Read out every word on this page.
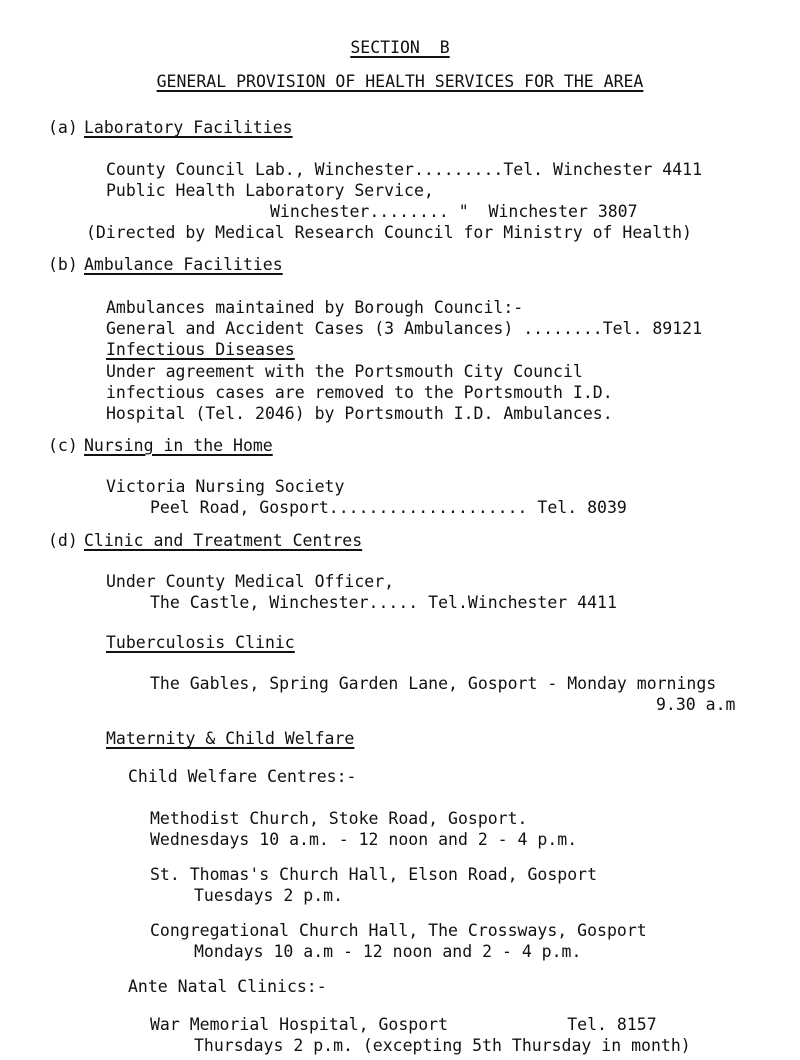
SECTION  B
GENERAL PROVISION OF HEALTH SERVICES FOR THE AREA
(a) Laboratory Facilities
County Council Lab., Winchester.........Tel. Winchester 4411
Public Health Laboratory Service,
Winchester........ "  Winchester 3807
(Directed by Medical Research Council for Ministry of Health)
(b) Ambulance Facilities
Ambulances maintained by Borough Council:-
General and Accident Cases (3 Ambulances) ........Tel. 89121
Infectious Diseases
Under agreement with the Portsmouth City Council
infectious cases are removed to the Portsmouth I.D.
Hospital (Tel. 2046) by Portsmouth I.D. Ambulances.
(c) Nursing in the Home
Victoria Nursing Society
Peel Road, Gosport.................... Tel. 8039
(d) Clinic and Treatment Centres
Under County Medical Officer,
The Castle, Winchester..... Tel.Winchester 4411
Tuberculosis Clinic
The Gables, Spring Garden Lane, Gosport - Monday mornings
9.30 a.m
Maternity & Child Welfare
Child Welfare Centres:-
Methodist Church, Stoke Road, Gosport.
Wednesdays 10 a.m. - 12 noon and 2 - 4 p.m.
St. Thomas's Church Hall, Elson Road, Gosport
Tuesdays 2 p.m.
Congregational Church Hall, The Crossways, Gosport
Mondays 10 a.m - 12 noon and 2 - 4 p.m.
Ante Natal Clinics:-
War Memorial Hospital, Gosport            Tel. 8157
Thursdays 2 p.m. (excepting 5th Thursday in month)
